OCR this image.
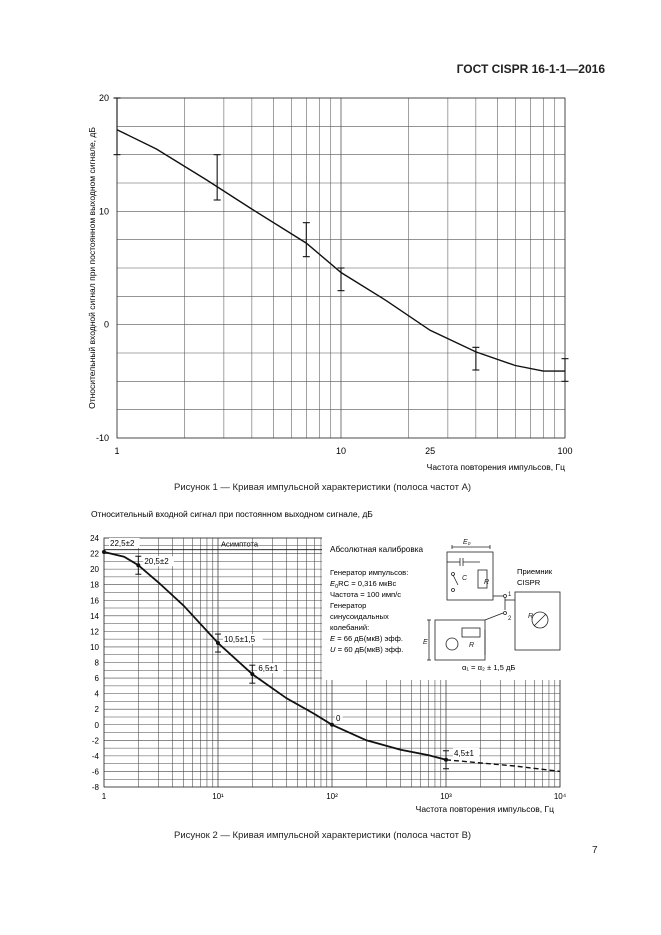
ГОСТ CISPR 16-1-1—2016
20
10
0
-10
1	10	25	100
Частота повторения импульсов, Гц
Относительный входной сигнал при постоянном выходном сигнале, дБ
Рисунок 1 — Кривая импульсной характеристики (полоса частот А)
Относительный входной сигнал при постоянном выходном сигнале, дБ
24
22
20
18
16
14
12
10
8
6
4
2
0
-2
-4
-6
-8
1	10¹	10²	10³	10⁴
Частота повторения импульсов, Гц
Асимптота
Абсолютная калибровка
Генератор импульсов:
$E_0RC = 0,316$ мкВс
Частота = 100 имп/с
Генератор
синусоидальных
колебаний:
E = 66 дБ(мкВ) эфф.
U = 60 дБ(мкВ) эфф.
Приемник
CISPR
α₁ = α₂ ± 1,5 дБ
E₀
C
R
1
2 R
R
E
22,5±2
20,5±2
10,5±1,5
6,5±1
0
4,5±1
Рисунок 2 — Кривая импульсной характеристики (полоса частот В)
7
